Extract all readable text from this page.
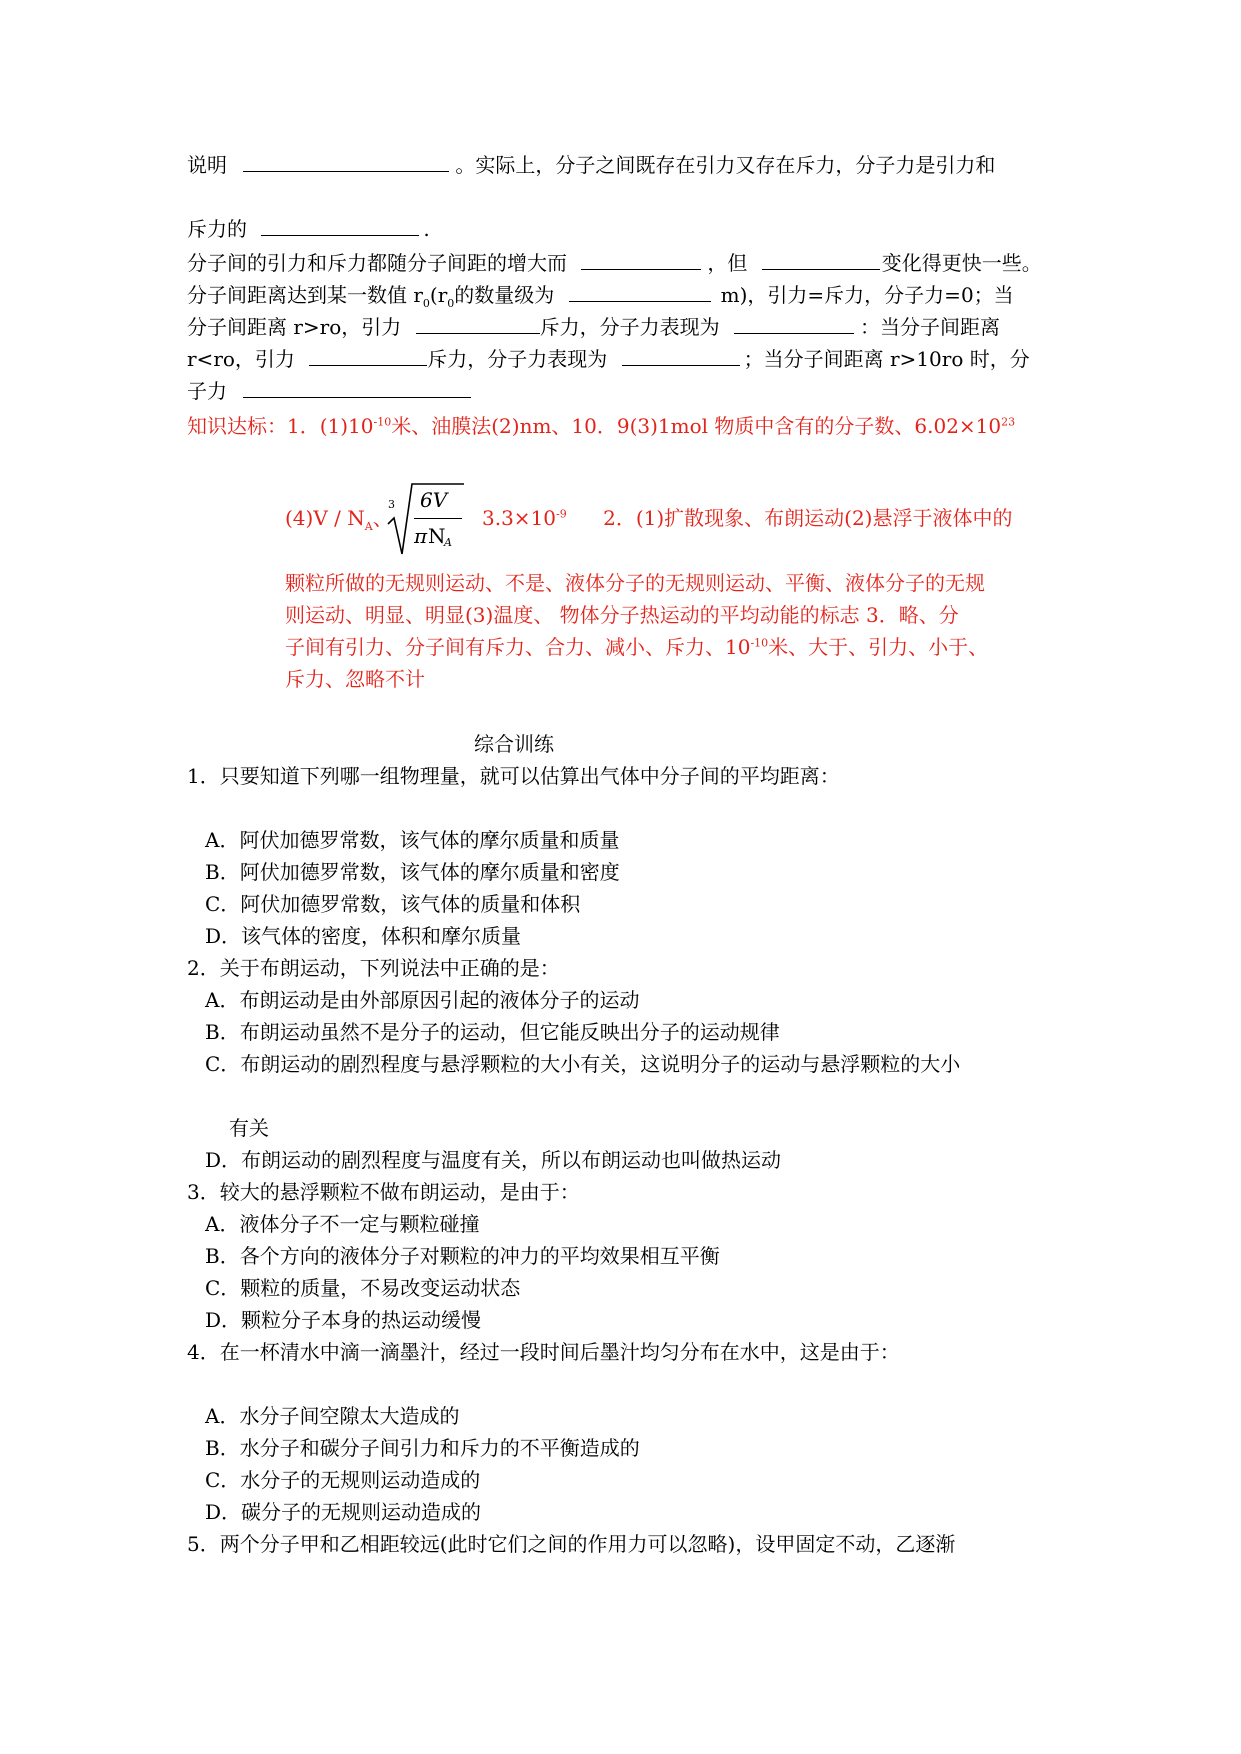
说明	。实际上，分子之间既存在引力又存在斥力，分子力是引力和
斥力的	.
分子间的引力和斥力都随分子间距的增大而	，但	变化得更快一些。
分子间距离达到某一数值 $r_0(r_0$的数量级为	m)，引力=斥力，分子力=0；当
分子间距离 r>ro，引力	斥力，分子力表现为	：当分子间距离
r<ro，引力	斥力，分子力表现为	；当分子间距离 r>10ro 时，分
子力
知识达标：1．$(1)10^{-10}$米、油膜法(2)nm、10．9(3)1mol 物质中含有的分子数、$6.02\times 10^{23}$
$(4)V / N_A$、
3 6V
π N
A
$3.3\times 10^{-9}$ 2．(1)扩散现象、布朗运动(2)悬浮于液体中的
颗粒所做的无规则运动、不是、液体分子的无规则运动、平衡、液体分子的无规
则运动、明显、明显(3)温度、 物体分子热运动的平均动能的标志 3．略、分
子间有引力、分子间有斥力、合力、减小、斥力、$10^{-10}$米、大于、引力、小于、
斥力、忽略不计
综合训练
1．只要知道下列哪一组物理量，就可以估算出气体中分子间的平均距离：
A．阿伏加德罗常数，该气体的摩尔质量和质量
B．阿伏加德罗常数，该气体的摩尔质量和密度
C．阿伏加德罗常数，该气体的质量和体积
D．该气体的密度，体积和摩尔质量
2．关于布朗运动，下列说法中正确的是：
A．布朗运动是由外部原因引起的液体分子的运动
B．布朗运动虽然不是分子的运动，但它能反映出分子的运动规律
C．布朗运动的剧烈程度与悬浮颗粒的大小有关，这说明分子的运动与悬浮颗粒的大小
有关
D．布朗运动的剧烈程度与温度有关，所以布朗运动也叫做热运动
3．较大的悬浮颗粒不做布朗运动，是由于：
A．液体分子不一定与颗粒碰撞
B．各个方向的液体分子对颗粒的冲力的平均效果相互平衡
C．颗粒的质量，不易改变运动状态
D．颗粒分子本身的热运动缓慢
4．在一杯清水中滴一滴墨汁，经过一段时间后墨汁均匀分布在水中，这是由于：
A．水分子间空隙太大造成的
B．水分子和碳分子间引力和斥力的不平衡造成的
C．水分子的无规则运动造成的
D．碳分子的无规则运动造成的
5．两个分子甲和乙相距较远(此时它们之间的作用力可以忽略)，设甲固定不动，乙逐渐
